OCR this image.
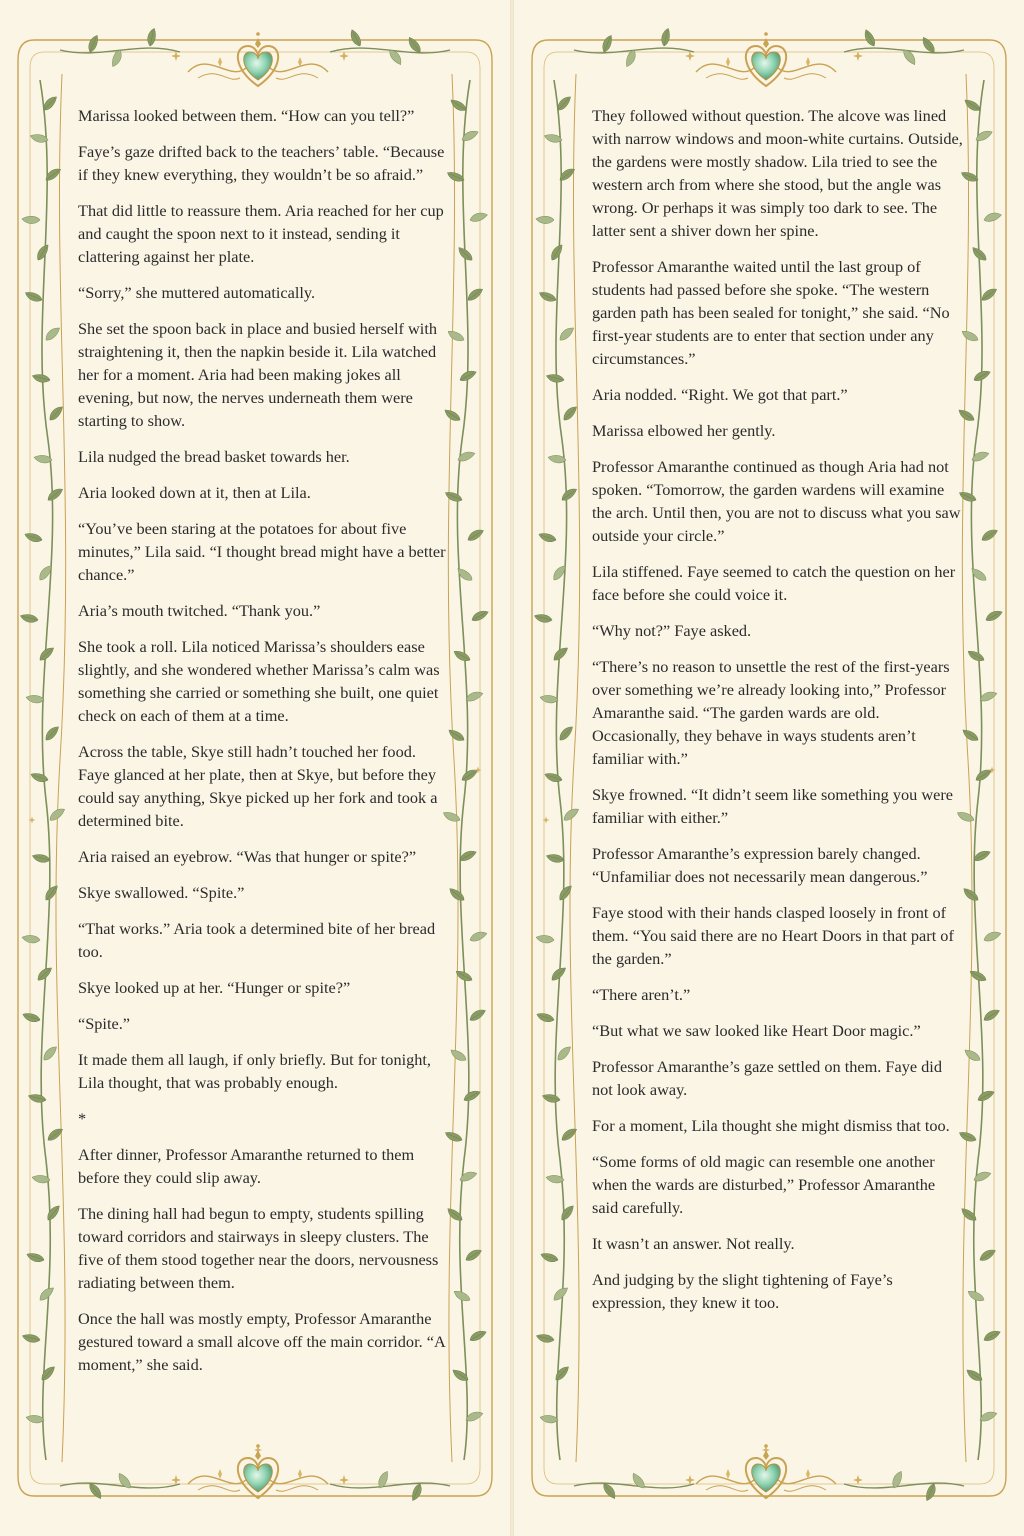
Marissa looked between them. “How can you tell?”

Faye’s gaze drifted back to the teachers’ table. “Because if they knew everything, they wouldn’t be so afraid.”

That did little to reassure them. Aria reached for her cup and caught the spoon next to it instead, sending it clattering against her plate.

“Sorry,” she muttered automatically.

She set the spoon back in place and busied herself with straightening it, then the napkin beside it. Lila watched her for a moment. Aria had been making jokes all evening, but now, the nerves underneath them were starting to show.

Lila nudged the bread basket towards her.

Aria looked down at it, then at Lila.

“You’ve been staring at the potatoes for about five minutes,” Lila said. “I thought bread might have a better chance.”

Aria’s mouth twitched. “Thank you.”

She took a roll. Lila noticed Marissa’s shoulders ease slightly, and she wondered whether Marissa’s calm was something she carried or something she built, one quiet check on each of them at a time.

Across the table, Skye still hadn’t touched her food. Faye glanced at her plate, then at Skye, but before they could say anything, Skye picked up her fork and took a determined bite.

Aria raised an eyebrow. “Was that hunger or spite?”

Skye swallowed. “Spite.”

“That works.” Aria took a determined bite of her bread too.

Skye looked up at her. “Hunger or spite?”

“Spite.”

It made them all laugh, if only briefly. But for tonight, Lila thought, that was probably enough.

*

After dinner, Professor Amaranthe returned to them before they could slip away.

The dining hall had begun to empty, students spilling toward corridors and stairways in sleepy clusters. The five of them stood together near the doors, nervousness radiating between them.

Once the hall was mostly empty, Professor Amaranthe gestured toward a small alcove off the main corridor. “A moment,” she said.

They followed without question. The alcove was lined with narrow windows and moon-white curtains. Outside, the gardens were mostly shadow. Lila tried to see the western arch from where she stood, but the angle was wrong. Or perhaps it was simply too dark to see. The latter sent a shiver down her spine.

Professor Amaranthe waited until the last group of students had passed before she spoke. “The western garden path has been sealed for tonight,” she said. “No first-year students are to enter that section under any circumstances.”

Aria nodded. “Right. We got that part.”

Marissa elbowed her gently.

Professor Amaranthe continued as though Aria had not spoken. “Tomorrow, the garden wardens will examine the arch. Until then, you are not to discuss what you saw outside your circle.”

Lila stiffened. Faye seemed to catch the question on her face before she could voice it.

“Why not?” Faye asked.

“There’s no reason to unsettle the rest of the first-years over something we’re already looking into,” Professor Amaranthe said. “The garden wards are old. Occasionally, they behave in ways students aren’t familiar with.”

Skye frowned. “It didn’t seem like something you were familiar with either.”

Professor Amaranthe’s expression barely changed. “Unfamiliar does not necessarily mean dangerous.”

Faye stood with their hands clasped loosely in front of them. “You said there are no Heart Doors in that part of the garden.”

“There aren’t.”

“But what we saw looked like Heart Door magic.”

Professor Amaranthe’s gaze settled on them. Faye did not look away.

For a moment, Lila thought she might dismiss that too.

“Some forms of old magic can resemble one another when the wards are disturbed,” Professor Amaranthe said carefully.

It wasn’t an answer. Not really.

And judging by the slight tightening of Faye’s expression, they knew it too.
